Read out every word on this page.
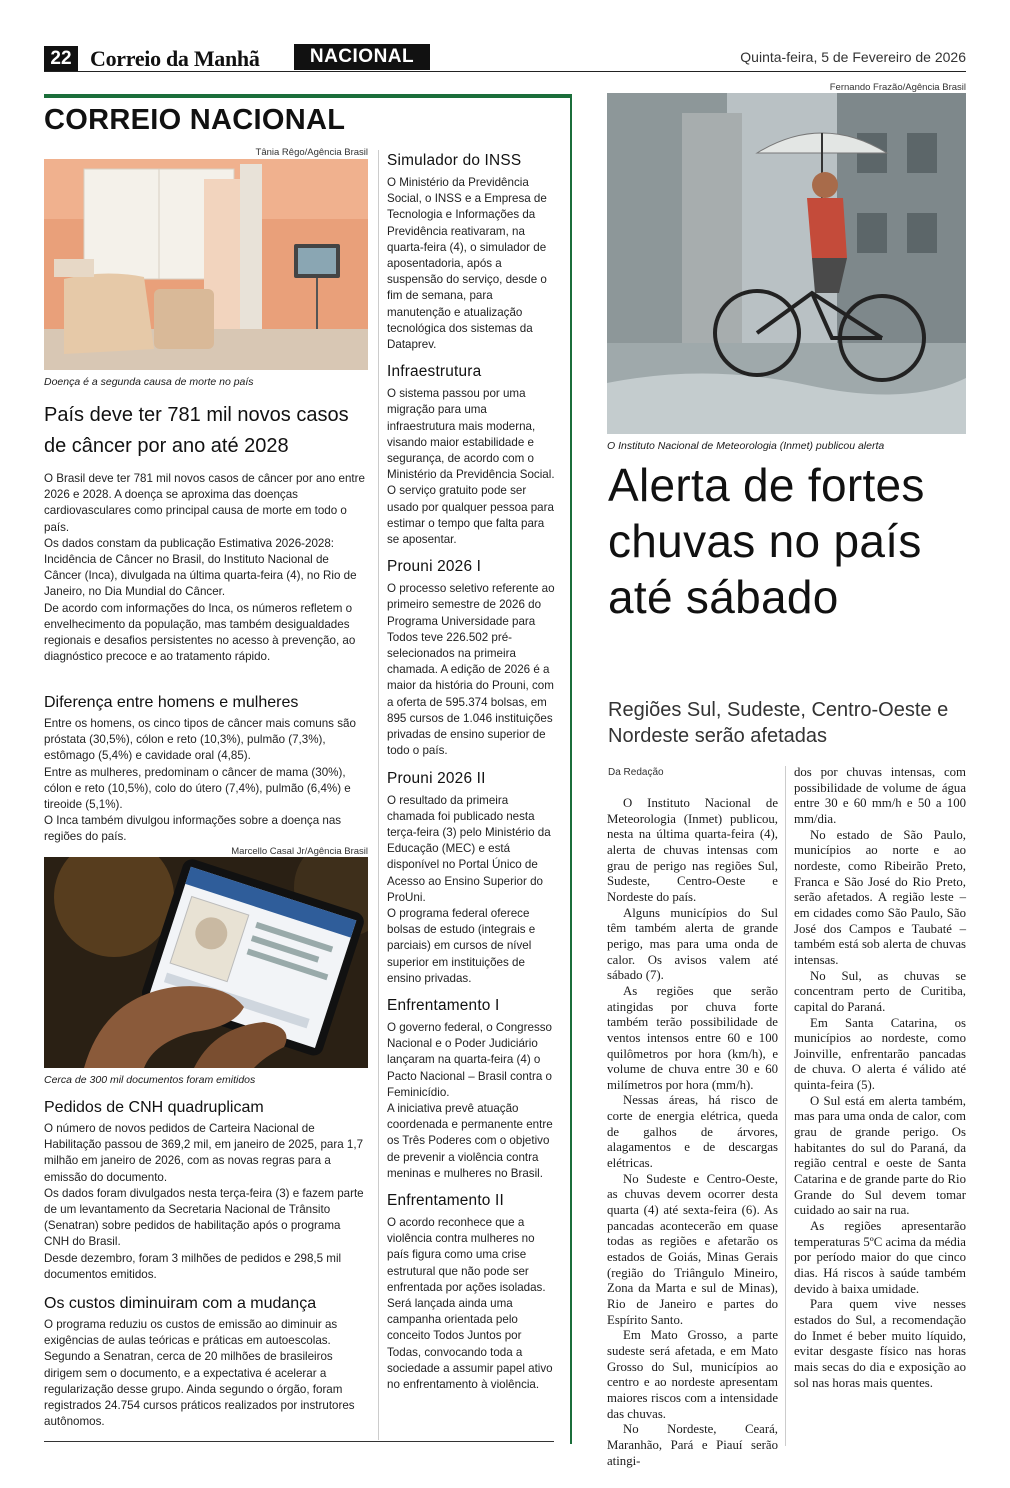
22 Correio da Manhã	NACIONAL	Quinta-feira, 5 de Fevereiro de 2026
CORREIO NACIONAL
Tânia Rêgo/Agência Brasil
Doença é a segunda causa de morte no país
País deve ter 781 mil novos casos de câncer por ano até 2028

O Brasil deve ter 781 mil novos casos de câncer por ano entre 2026 e 2028. A doença se aproxima das doenças cardiovasculares como principal causa de morte em todo o país.

Os dados constam da publicação Estimativa 2026-2028: Incidência de Câncer no Brasil, do Instituto Nacional de Câncer (Inca), divulgada na última quarta-feira (4), no Rio de Janeiro, no Dia Mundial do Câncer.

De acordo com informações do Inca, os números refletem o envelhecimento da população, mas também desigualdades regionais e desafios persistentes no acesso à prevenção, ao diagnóstico precoce e ao tratamento rápido.

Diferença entre homens e mulheres

Entre os homens, os cinco tipos de câncer mais comuns são próstata (30,5%), cólon e reto (10,3%), pulmão (7,3%), estômago (5,4%) e cavidade oral (4,85).

Entre as mulheres, predominam o câncer de mama (30%), cólon e reto (10,5%), colo do útero (7,4%), pulmão (6,4%) e tireoide (5,1%).

O Inca também divulgou informações sobre a doença nas regiões do país.

Marcello Casal Jr/Agência Brasil
Cerca de 300 mil documentos foram emitidos
Pedidos de CNH quadruplicam

O número de novos pedidos de Carteira Nacional de Habilitação passou de 369,2 mil, em janeiro de 2025, para 1,7 milhão em janeiro de 2026, com as novas regras para a emissão do documento.

Os dados foram divulgados nesta terça-feira (3) e fazem parte de um levantamento da Secretaria Nacional de Trânsito (Senatran) sobre pedidos de habilitação após o programa CNH do Brasil.

Desde dezembro, foram 3 milhões de pedidos e 298,5 mil documentos emitidos.

Os custos diminuiram com a mudança

O programa reduziu os custos de emissão ao diminuir as exigências de aulas teóricas e práticas em autoescolas. Segundo a Senatran, cerca de 20 milhões de brasileiros dirigem sem o documento, e a expectativa é acelerar a regularização desse grupo. Ainda segundo o órgão, foram registrados 24.754 cursos práticos realizados por instrutores autônomos.

Simulador do INSS

O Ministério da Previdência Social, o INSS e a Empresa de Tecnologia e Informações da Previdência reativaram, na quarta-feira (4), o simulador de aposentadoria, após a suspensão do serviço, desde o fim de semana, para manutenção e atualização tecnológica dos sistemas da Dataprev.

Infraestrutura

O sistema passou por uma migração para uma infraestrutura mais moderna, visando maior estabilidade e segurança, de acordo com o Ministério da Previdência Social.

O serviço gratuito pode ser usado por qualquer pessoa para estimar o tempo que falta para se aposentar.

Prouni 2026 I

O processo seletivo referente ao primeiro semestre de 2026 do Programa Universidade para Todos teve 226.502 pré-selecionados na primeira chamada. A edição de 2026 é a maior da história do Prouni, com a oferta de 595.374 bolsas, em 895 cursos de 1.046 instituições privadas de ensino superior de todo o país.

Prouni 2026 II

O resultado da primeira chamada foi publicado nesta terça-feira (3) pelo Ministério da Educação (MEC) e está disponível no Portal Único de Acesso ao Ensino Superior do ProUni.

O programa federal oferece bolsas de estudo (integrais e parciais) em cursos de nível superior em instituições de ensino privadas.

Enfrentamento I

O governo federal, o Congresso Nacional e o Poder Judiciário lançaram na quarta-feira (4) o Pacto Nacional – Brasil contra o Feminicídio.

A iniciativa prevê atuação coordenada e permanente entre os Três Poderes com o objetivo de prevenir a violência contra meninas e mulheres no Brasil.

Enfrentamento II

O acordo reconhece que a violência contra mulheres no país figura como uma crise estrutural que não pode ser enfrentada por ações isoladas. Será lançada ainda uma campanha orientada pelo conceito Todos Juntos por Todas, convocando toda a sociedade a assumir papel ativo no enfrentamento à violência.

Fernando Frazão/Agência Brasil
O Instituto Nacional de Meteorologia (Inmet) publicou alerta
Alerta de fortes chuvas no país até sábado
Regiões Sul, Sudeste, Centro-Oeste e Nordeste serão afetadas
Da Redação

O Instituto Nacional de Meteorologia (Inmet) publicou, nesta na última quarta-feira (4), alerta de chuvas intensas com grau de perigo nas regiões Sul, Sudeste, Centro-Oeste e Nordeste do país.

Alguns municípios do Sul têm também alerta de grande perigo, mas para uma onda de calor. Os avisos valem até sábado (7).

As regiões que serão atingidas por chuva forte também terão possibilidade de ventos intensos entre 60 e 100 quilômetros por hora (km/h), e volume de chuva entre 30 e 60 milímetros por hora (mm/h).

Nessas áreas, há risco de corte de energia elétrica, queda de galhos de árvores, alagamentos e de descargas elétricas.

No Sudeste e Centro-Oeste, as chuvas devem ocorrer desta quarta (4) até sexta-feira (6). As pancadas acontecerão em quase todas as regiões e afetarão os estados de Goiás, Minas Gerais (região do Triângulo Mineiro, Zona da Marta e sul de Minas), Rio de Janeiro e partes do Espírito Santo.

Em Mato Grosso, a parte sudeste será afetada, e em Mato Grosso do Sul, municípios ao centro e ao nordeste apresentam maiores riscos com a intensidade das chuvas.

No Nordeste, Ceará, Maranhão, Pará e Piauí serão atingi-

dos por chuvas intensas, com possibilidade de volume de água entre 30 e 60 mm/h e 50 a 100 mm/dia.

No estado de São Paulo, municípios ao norte e ao nordeste, como Ribeirão Preto, Franca e São José do Rio Preto, serão afetados. A região leste – em cidades como São Paulo, São José dos Campos e Taubaté – também está sob alerta de chuvas intensas.

No Sul, as chuvas se concentram perto de Curitiba, capital do Paraná.

Em Santa Catarina, os municípios ao nordeste, como Joinville, enfrentarão pancadas de chuva. O alerta é válido até quinta-feira (5).

O Sul está em alerta também, mas para uma onda de calor, com grau de grande perigo. Os habitantes do sul do Paraná, da região central e oeste de Santa Catarina e de grande parte do Rio Grande do Sul devem tomar cuidado ao sair na rua.

As regiões apresentarão temperaturas 5ºC acima da média por período maior do que cinco dias. Há riscos à saúde também devido à baixa umidade.

Para quem vive nesses estados do Sul, a recomendação do Inmet é beber muito líquido, evitar desgaste físico nas horas mais secas do dia e exposição ao sol nas horas mais quentes.
